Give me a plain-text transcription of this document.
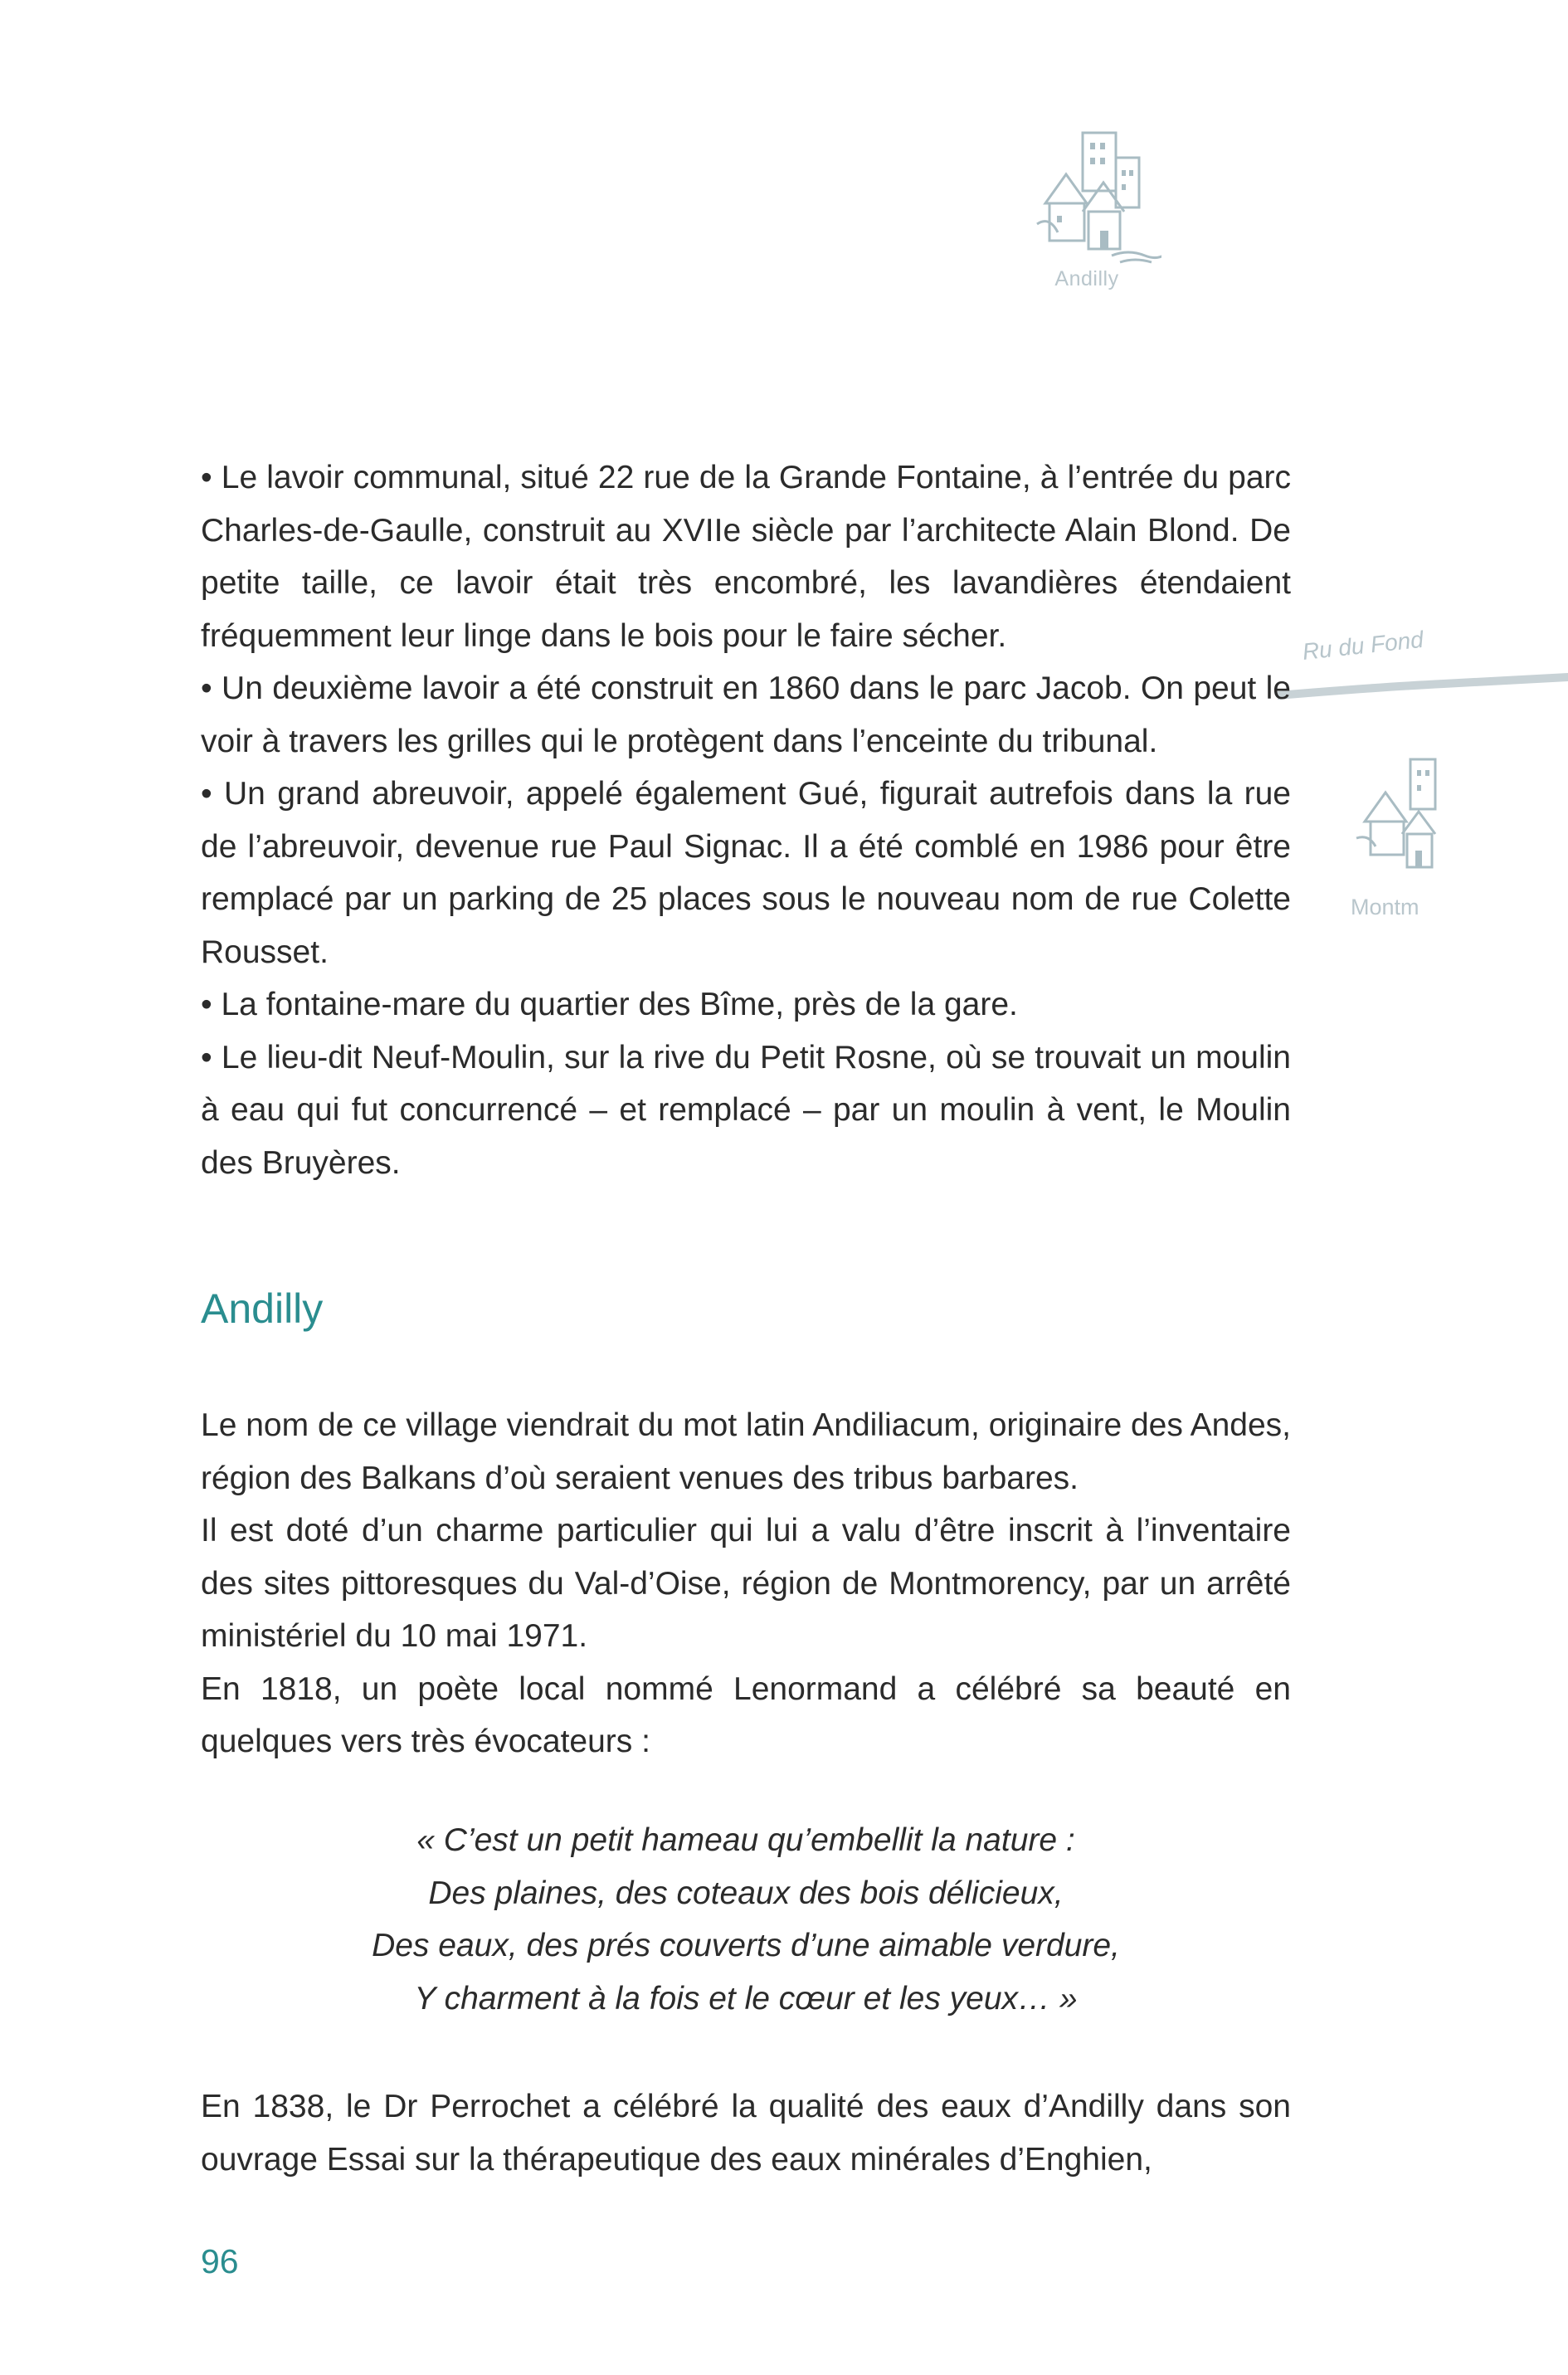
Andilly
Ru du Fond
Montm

• Le lavoir communal, situé 22 rue de la Grande Fontaine, à l’entrée du parc Charles-de-Gaulle, construit au XVIIe siècle par l’architecte Alain Blond. De petite taille, ce lavoir était très encombré, les lavandières étendaient fréquemment leur linge dans le bois pour le faire sécher.

• Un deuxième lavoir a été construit en 1860 dans le parc Jacob. On peut le voir à travers les grilles qui le protègent dans l’enceinte du tribunal.

• Un grand abreuvoir, appelé également Gué, figurait autrefois dans la rue de l’abreuvoir, devenue rue Paul Signac. Il a été comblé en 1986 pour être remplacé par un parking de 25 places sous le nouveau nom de rue Colette Rousset.

• La fontaine-mare du quartier des Bîme, près de la gare.

• Le lieu-dit Neuf-Moulin, sur la rive du Petit Rosne, où se trouvait un moulin à eau qui fut concurrencé – et remplacé – par un moulin à vent, le Moulin des Bruyères.

Andilly

Le nom de ce village viendrait du mot latin Andiliacum, originaire des Andes, région des Balkans d’où seraient venues des tribus barbares.

Il est doté d’un charme particulier qui lui a valu d’être inscrit à l’inventaire des sites pittoresques du Val-d’Oise, région de Montmorency, par un arrêté ministériel du 10 mai 1971.

En 1818, un poète local nommé Lenormand a célébré sa beauté en quelques vers très évocateurs :

« C’est un petit hameau qu’embellit la nature :

Des plaines, des coteaux des bois délicieux,

Des eaux, des prés couverts d’une aimable verdure,

Y charment à la fois et le cœur et les yeux… »

En 1838, le Dr Perrochet a célébré la qualité des eaux d’Andilly dans son ouvrage Essai sur la thérapeutique des eaux minérales d’Enghien,

96
